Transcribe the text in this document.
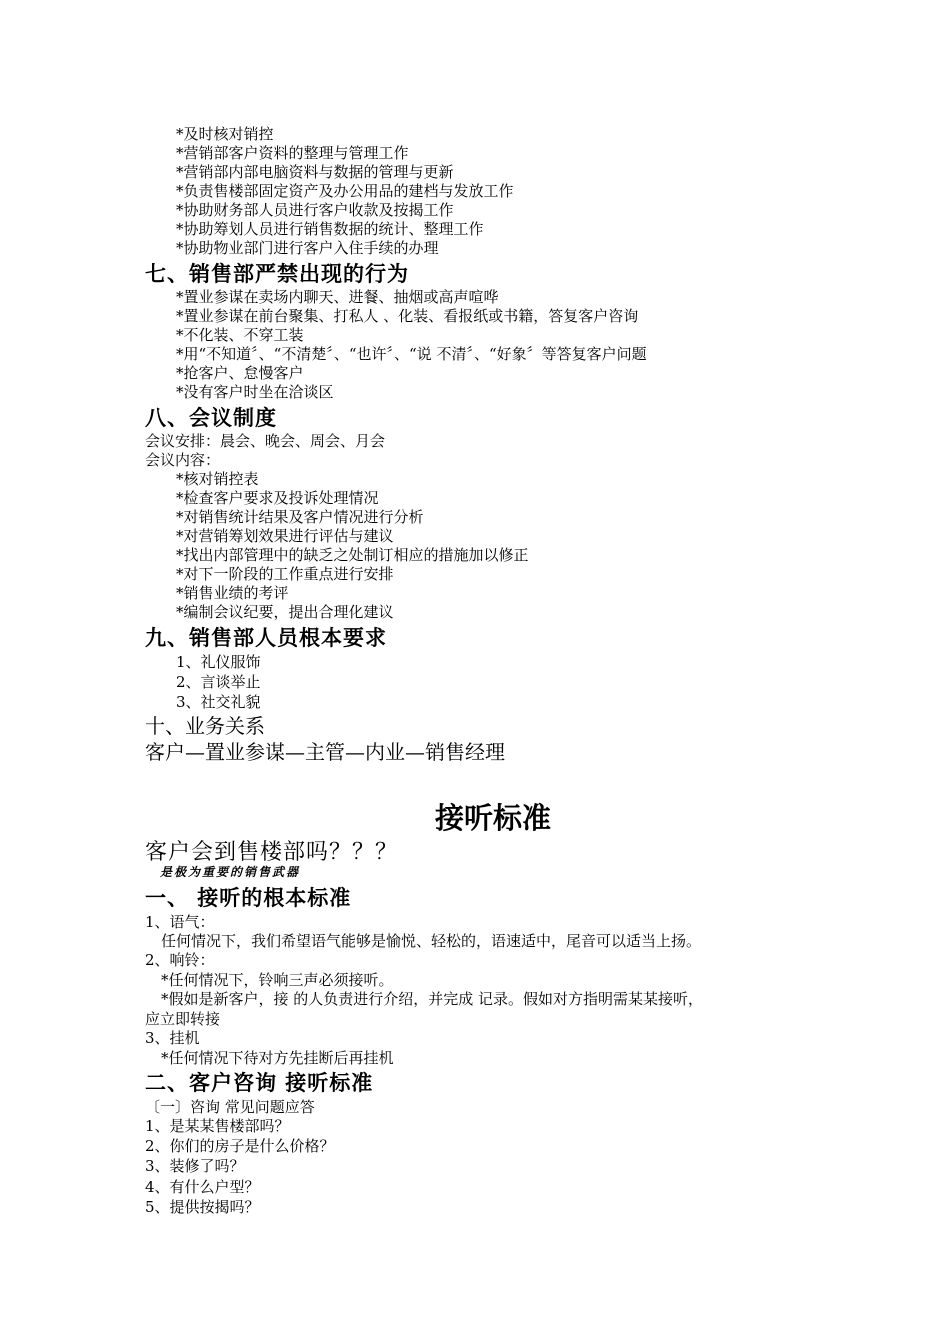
*及时核对销控
*营销部客户资料的整理与管理工作
*营销部内部电脑资料与数据的管理与更新
*负责售楼部固定资产及办公用品的建档与发放工作
*协助财务部人员进行客户收款及按揭工作
*协助筹划人员进行销售数据的统计、整理工作
*协助物业部门进行客户入住手续的办理
七、销售部严禁出现的行为
*置业参谋在卖场内聊天、进餐、抽烟或高声喧哗
*置业参谋在前台聚集、打私人 、化装、看报纸或书籍，答复客户咨询
*不化装、不穿工装
*用“不知道〞、“不清楚〞、“也许〞、“说 不清〞、“好象〞等答复客户问题
*抢客户、怠慢客户
*没有客户时坐在洽谈区
八、会议制度
会议安排：晨会、晚会、周会、月会
会议内容：
*核对销控表
*检查客户要求及投诉处理情况
*对销售统计结果及客户情况进行分析
*对营销筹划效果进行评估与建议
*找出内部管理中的缺乏之处制订相应的措施加以修正
*对下一阶段的工作重点进行安排
*销售业绩的考评
*编制会议纪要，提出合理化建议
九、销售部人员根本要求
1、礼仪服饰
2、言谈举止
3、社交礼貌
十、业务关系
客户—置业参谋—主管—内业—销售经理
接听标准
客户会到售楼部吗？？？
是极为重要的销售武器
一、 接听的根本标准
1、语气：
任何情况下，我们希望语气能够是愉悦、轻松的，语速适中，尾音可以适当上扬。
2、响铃：
*任何情况下，铃响三声必须接听。
*假如是新客户，接 的人负责进行介绍，并完成 记录。假如对方指明需某某接听，
应立即转接
3、挂机
*任何情况下待对方先挂断后再挂机
二、客户咨询 接听标准
〔一〕咨询 常见问题应答
1、是某某售楼部吗？
2、你们的房子是什么价格？
3、装修了吗？
4、有什么户型？
5、提供按揭吗？
